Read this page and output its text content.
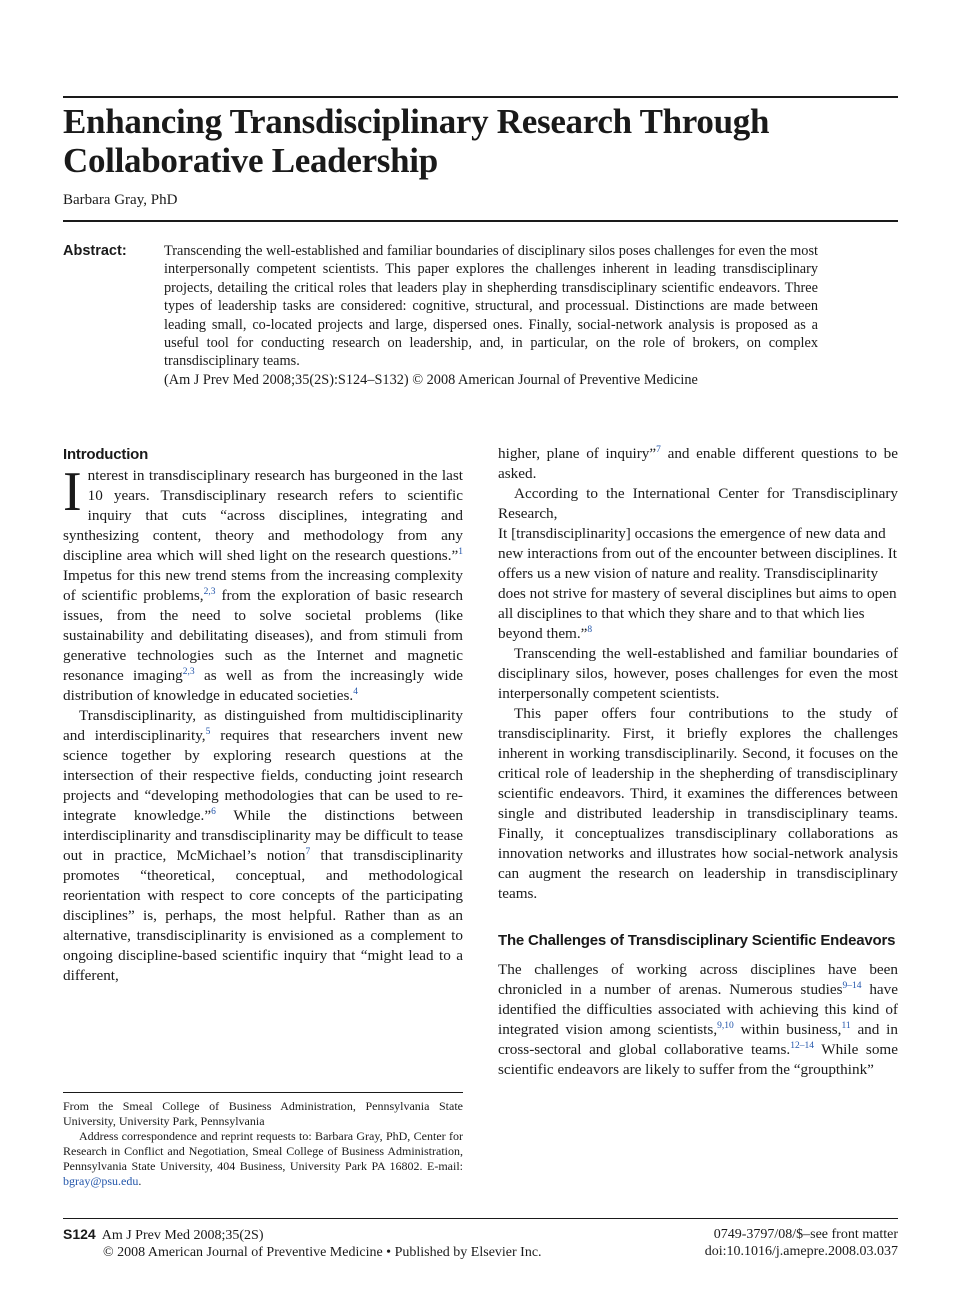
Enhancing Transdisciplinary Research Through Collaborative Leadership
Barbara Gray, PhD
Abstract:	Transcending the well-established and familiar boundaries of disciplinary silos poses challenges for even the most interpersonally competent scientists. This paper explores the challenges inherent in leading transdisciplinary projects, detailing the critical roles that leaders play in shepherding transdisciplinary scientific endeavors. Three types of leadership tasks are considered: cognitive, structural, and processual. Distinctions are made between leading small, co-located projects and large, dispersed ones. Finally, social-network analysis is proposed as a useful tool for conducting research on leadership, and, in particular, on the role of brokers, on complex transdisciplinary teams.
(Am J Prev Med 2008;35(2S):S124–S132) © 2008 American Journal of Preventive Medicine
Introduction

Interest in transdisciplinary research has burgeoned in the last 10 years. Transdisciplinary research refers to scientific inquiry that cuts “across disciplines, integrating and synthesizing content, theory and methodology from any discipline area which will shed light on the research questions.”$^1$ Impetus for this new trend stems from the increasing complexity of scientific problems,$^{2,3}$ from the exploration of basic research issues, from the need to solve societal problems (like sustainability and debilitating diseases), and from stimuli from generative technologies such as the Internet and magnetic resonance imaging$^{2,3}$ as well as from the increasingly wide distribution of knowledge in educated societies.$^4$

Transdisciplinarity, as distinguished from multidisciplinarity and interdisciplinarity,$^5$ requires that researchers invent new science together by exploring research questions at the intersection of their respective fields, conducting joint research projects and “developing methodologies that can be used to re-integrate knowledge.”$^6$ While the distinctions between interdisciplinarity and transdisciplinarity may be difficult to tease out in practice, McMichael’s notion$^7$ that transdisciplinarity promotes “theoretical, conceptual, and methodological reorientation with respect to core concepts of the participating disciplines” is, perhaps, the most helpful. Rather than as an alternative, transdisciplinarity is envisioned as a complement to ongoing discipline-based scientific inquiry that “might lead to a different,

higher, plane of inquiry”$^7$ and enable different questions to be asked.

According to the International Center for Transdisciplinary Research,

It [transdisciplinarity] occasions the emergence of new data and new interactions from out of the encounter between disciplines. It offers us a new vision of nature and reality. Transdisciplinarity does not strive for mastery of several disciplines but aims to open all disciplines to that which they share and to that which lies beyond them.”$^8$

Transcending the well-established and familiar boundaries of disciplinary silos, however, poses challenges for even the most interpersonally competent scientists.

This paper offers four contributions to the study of transdisciplinarity. First, it briefly explores the challenges inherent in working transdisciplinarily. Second, it focuses on the critical role of leadership in the shepherding of transdisciplinary scientific endeavors. Third, it examines the differences between single and distributed leadership in transdisciplinary teams. Finally, it conceptualizes transdisciplinary collaborations as innovation networks and illustrates how social-network analysis can augment the research on leadership in transdisciplinary teams.

The Challenges of Transdisciplinary Scientific Endeavors

The challenges of working across disciplines have been chronicled in a number of arenas. Numerous studies$^{9-14}$ have identified the difficulties associated with achieving this kind of integrated vision among scientists,$^{9,10}$ within business,$^{11}$ and in cross-sectoral and global collaborative teams.$^{12-14}$ While some scientific endeavors are likely to suffer from the “groupthink”

From the Smeal College of Business Administration, Pennsylvania State University, University Park, Pennsylvania

Address correspondence and reprint requests to: Barbara Gray, PhD, Center for Research in Conflict and Negotiation, Smeal College of Business Administration, Pennsylvania State University, 404 Business, University Park PA 16802. E-mail: bgray@psu.edu.

S124 Am J Prev Med 2008;35(2S)
© 2008 American Journal of Preventive Medicine • Published by Elsevier Inc.
0749-3797/08/$–see front matter
doi:10.1016/j.amepre.2008.03.037
